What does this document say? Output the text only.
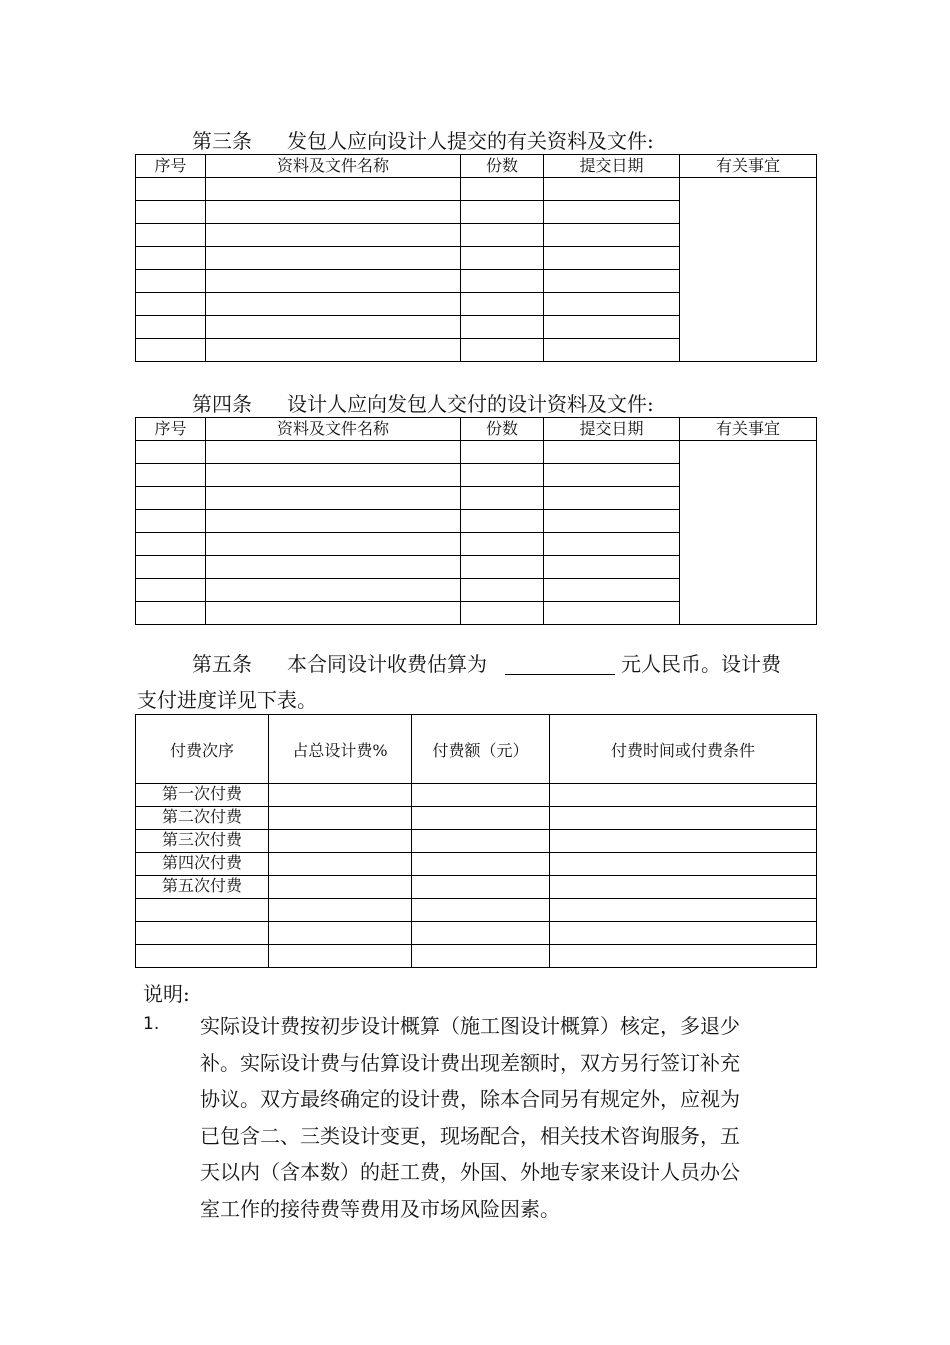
第三条 发包人应向设计人提交的有关资料及文件:
序号	资料及文件名称	份数	提交日期	有关事宜

第四条 设计人应向发包人交付的设计资料及文件:
序号	资料及文件名称	份数	提交日期	有关事宜

第五条 本合同设计收费估算为	元人民币。设计费
支付进度详见下表。
付费次序	占总设计费%	付费额（元）	付费时间或付费条件
第一次付费			
第二次付费			
第三次付费			
第四次付费			
第五次付费			

说明:
1. 实际设计费按初步设计概算（施工图设计概算）核定，多退少
补。实际设计费与估算设计费出现差额时，双方另行签订补充
协议。双方最终确定的设计费，除本合同另有规定外，应视为
已包含二、三类设计变更，现场配合，相关技术咨询服务，五
天以内（含本数）的赶工费，外国、外地专家来设计人员办公
室工作的接待费等费用及市场风险因素。
